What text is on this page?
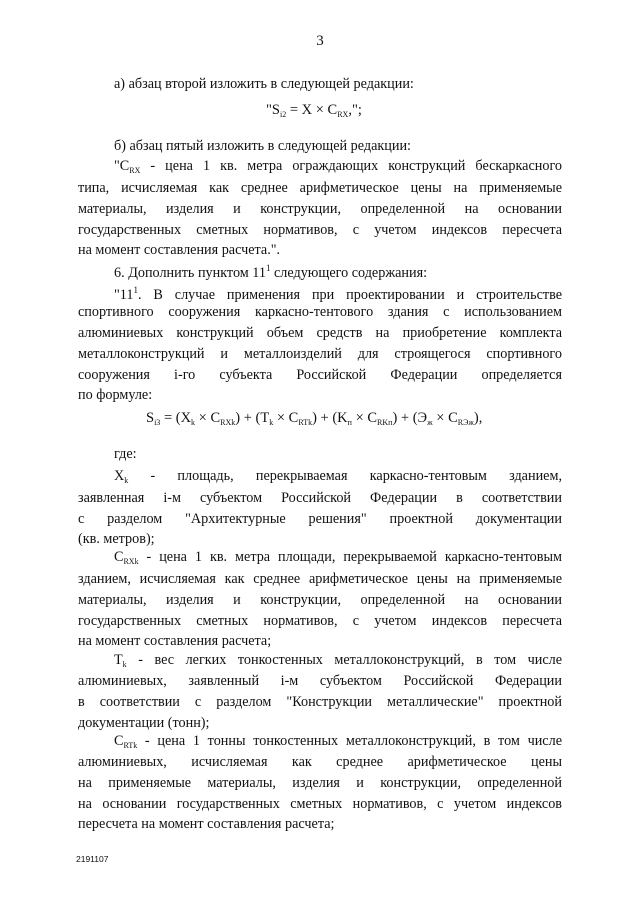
3
а) абзац второй изложить в следующей редакции:
"$S_{i2} = X \times C_{RX}$,";
б) абзац пятый изложить в следующей редакции:
"$C_{RX}$ - цена 1 кв. метра ограждающих конструкций бескаркасного
типа, исчисляемая как среднее арифметическое цены на применяемые
материалы, изделия и конструкции, определенной на основании
государственных сметных нормативов, с учетом индексов пересчета
на момент составления расчета.".
6. Дополнить пунктом $11^1$ следующего содержания:
"$11^1$. В случае применения при проектировании и строительстве
спортивного сооружения каркасно-тентового здания с использованием
алюминиевых конструкций объем средств на приобретение комплекта
металлоконструкций и металлоизделий для строящегося спортивного
сооружения i-го субъекта Российской Федерации определяется
по формуле:
$S_{i3} = (X_k \times C_{RXk}) + (T_k \times C_{RTk}) + (K_п \times C_{RKп}) + (Э_ж \times C_{RЭж})$,
где:
$X_k$ - площадь, перекрываемая каркасно-тентовым зданием,
заявленная i-м субъектом Российской Федерации в соответствии
с разделом "Архитектурные решения" проектной документации
(кв. метров);
$C_{RXk}$ - цена 1 кв. метра площади, перекрываемой каркасно-тентовым
зданием, исчисляемая как среднее арифметическое цены на применяемые
материалы, изделия и конструкции, определенной на основании
государственных сметных нормативов, с учетом индексов пересчета
на момент составления расчета;
$T_k$ - вес легких тонкостенных металлоконструкций, в том числе
алюминиевых, заявленный i-м субъектом Российской Федерации
в соответствии с разделом "Конструкции металлические" проектной
документации (тонн);
$C_{RTk}$ - цена 1 тонны тонкостенных металлоконструкций, в том числе
алюминиевых, исчисляемая как среднее арифметическое цены
на применяемые материалы, изделия и конструкции, определенной
на основании государственных сметных нормативов, с учетом индексов
пересчета на момент составления расчета;
2191107
